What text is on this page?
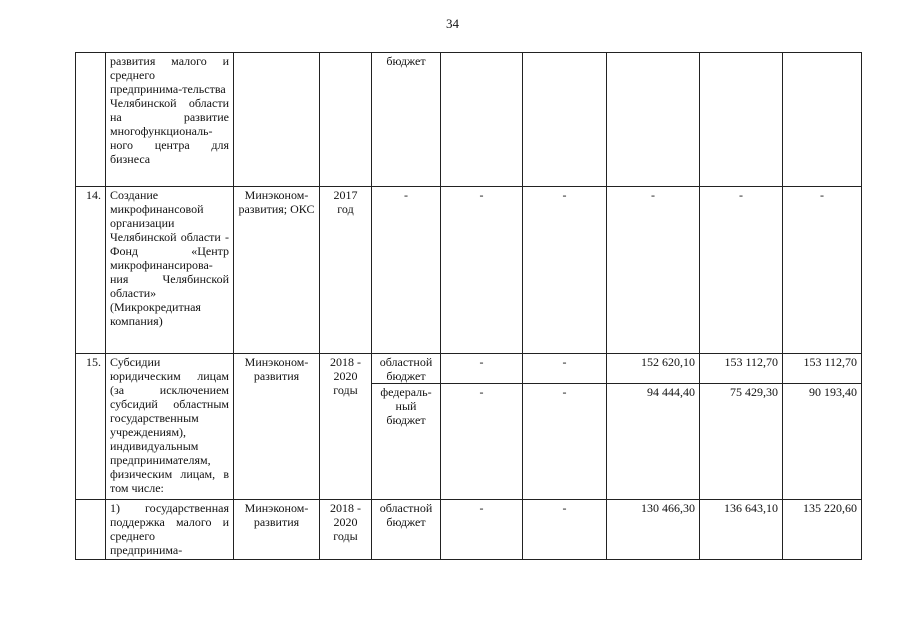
34
	развития малого и среднего предпринима-тельства Челябинской области на развитие многофункциональ-ного центра для бизнеса			бюджет					
14.	Создание микрофинансовой организации Челябинской области - Фонд «Центр микрофинансирова-ния Челябинской области» (Микрокредитная компания)	Минэконом-развития; ОКС	2017 год	-	-	-	-	-	-
15.	Субсидии юридическим лицам (за исключением субсидий областным государственным учреждениям), индивидуальным предпринимателям, физическим лицам, в том числе:	Минэконом-развития	2018 - 2020 годы	областной бюджет	-	-	152 620,10	153 112,70	153 112,70
				федераль-ный бюджет	-	-	94 444,40	75 429,30	90 193,40
	1) государственная поддержка малого и среднего предпринима-	Минэконом-развития	2018 - 2020 годы	областной бюджет	-	-	130 466,30	136 643,10	135 220,60
